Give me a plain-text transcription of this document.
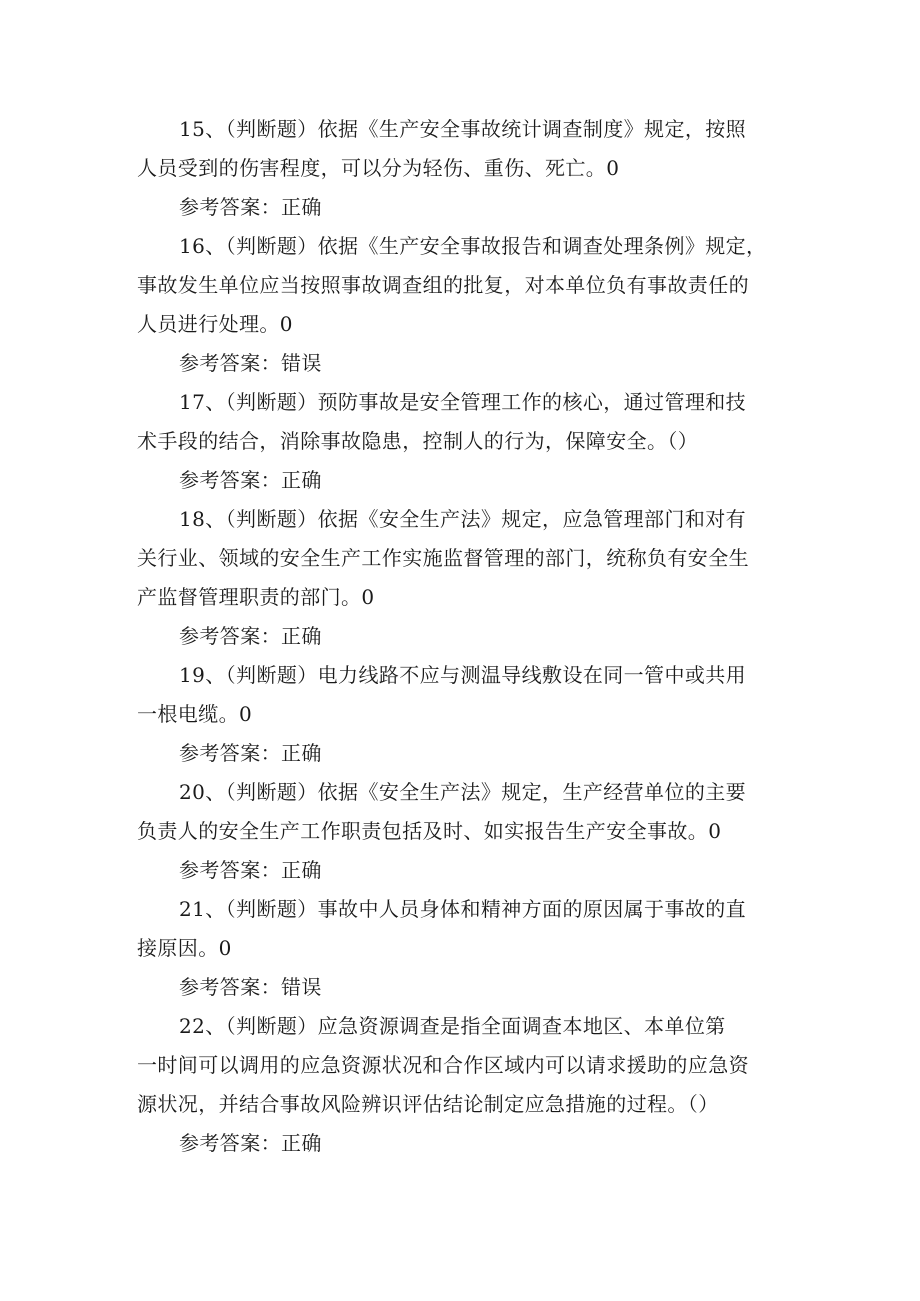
15、（判断题）依据《生产安全事故统计调查制度》规定，按照
人员受到的伤害程度，可以分为轻伤、重伤、死亡。0
参考答案：正确
16、（判断题）依据《生产安全事故报告和调查处理条例》规定，
事故发生单位应当按照事故调查组的批复，对本单位负有事故责任的
人员进行处理。0
参考答案：错误
17、（判断题）预防事故是安全管理工作的核心，通过管理和技
术手段的结合，消除事故隐患，控制人的行为，保障安全。（）
参考答案：正确
18、（判断题）依据《安全生产法》规定，应急管理部门和对有
关行业、领域的安全生产工作实施监督管理的部门，统称负有安全生
产监督管理职责的部门。0
参考答案：正确
19、（判断题）电力线路不应与测温导线敷设在同一管中或共用
一根电缆。0
参考答案：正确
20、（判断题）依据《安全生产法》规定，生产经营单位的主要
负责人的安全生产工作职责包括及时、如实报告生产安全事故。0
参考答案：正确
21、（判断题）事故中人员身体和精神方面的原因属于事故的直
接原因。0
参考答案：错误
22、（判断题）应急资源调查是指全面调查本地区、本单位第
一时间可以调用的应急资源状况和合作区域内可以请求援助的应急资
源状况，并结合事故风险辨识评估结论制定应急措施的过程。（）
参考答案：正确
